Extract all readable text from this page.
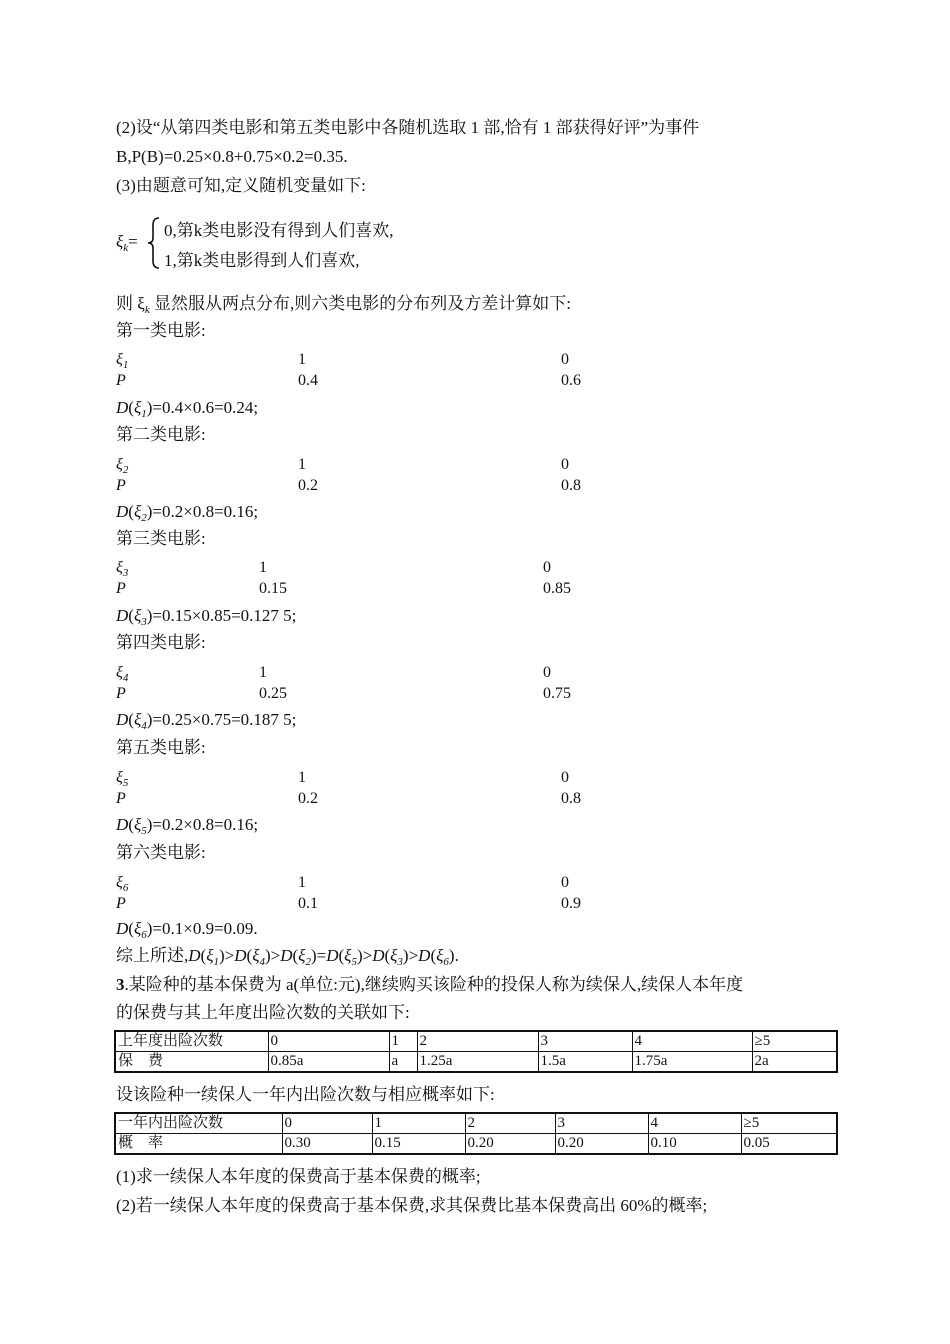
(2)设“从第四类电影和第五类电影中各随机选取 1 部,恰有 1 部获得好评”为事件
B,P(B)=0.25×0.8+0.75×0.2=0.35.
(3)由题意可知,定义随机变量如下:
$\xi_k=$
0,第k类电影没有得到人们喜欢,
1,第k类电影得到人们喜欢,
则 $\xi_k$ 显然服从两点分布,则六类电影的分布列及方差计算如下:
第一类电影:
$\xi_1$	1	0
P	0.4	0.6
$D(\xi_1)=0.4\times 0.6=0.24$;
第二类电影:
$\xi_2$	1	0
P	0.2	0.8
$D(\xi_2)=0.2\times 0.8=0.16$;
第三类电影:
$\xi_3$	1	0
P	0.15	0.85
$D(\xi_3)=0.15\times 0.85=0.127$ 5;
第四类电影:
$\xi_4$	1	0
P	0.25	0.75
$D(\xi_4)=0.25\times 0.75=0.187$ 5;
第五类电影:
$\xi_5$	1	0
P	0.2	0.8
$D(\xi_5)=0.2\times 0.8=0.16$;
第六类电影:
$\xi_6$	1	0
P	0.1	0.9
$D(\xi_6)=0.1\times 0.9=0.09$.
综上所述$,D(\xi_1)>D(\xi_4)>D(\xi_2)=D(\xi_5)>D(\xi_3)>D(\xi_6)$.
3.某险种的基本保费为 a(单位:元),继续购买该险种的投保人称为续保人,续保人本年度
的保费与其上年度出险次数的关联如下:
上年度出险次数	0	1	2	3	4	≥5
保　费	0.85a	a	1.25a	1.5a	1.75a	2a
设该险种一续保人一年内出险次数与相应概率如下:
一年内出险次数	0	1	2	3	4	≥5
概　率	0.30	0.15	0.20	0.20	0.10	0.05
(1)求一续保人本年度的保费高于基本保费的概率;
(2)若一续保人本年度的保费高于基本保费,求其保费比基本保费高出 60%的概率;
